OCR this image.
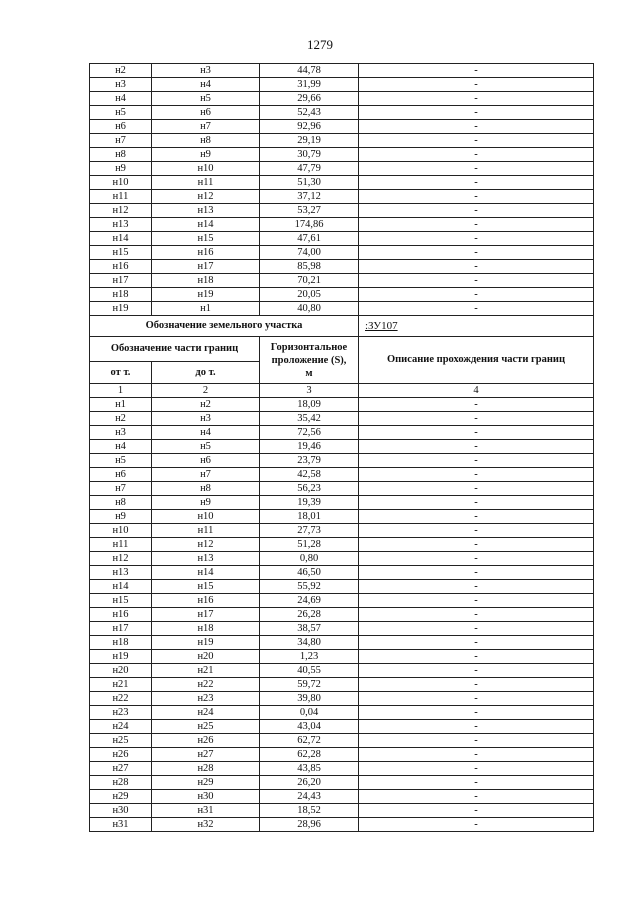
1279
н2	н3	44,78	-
н3	н4	31,99	-
н4	н5	29,66	-
н5	н6	52,43	-
н6	н7	92,96	-
н7	н8	29,19	-
н8	н9	30,79	-
н9	н10	47,79	-
н10	н11	51,30	-
н11	н12	37,12	-
н12	н13	53,27	-
н13	н14	174,86	-
н14	н15	47,61	-
н15	н16	74,00	-
н16	н17	85,98	-
н17	н18	70,21	-
н18	н19	20,05	-
н19	н1	40,80	-
Обозначение земельного участка			:ЗУ107
Обозначение части границ		Горизонтальное
проложение (S),
м	Описание прохождения части границ
от т.	до т.		
1	2	3	4
н1	н2	18,09	-
н2	н3	35,42	-
н3	н4	72,56	-
н4	н5	19,46	-
н5	н6	23,79	-
н6	н7	42,58	-
н7	н8	56,23	-
н8	н9	19,39	-
н9	н10	18,01	-
н10	н11	27,73	-
н11	н12	51,28	-
н12	н13	0,80	-
н13	н14	46,50	-
н14	н15	55,92	-
н15	н16	24,69	-
н16	н17	26,28	-
н17	н18	38,57	-
н18	н19	34,80	-
н19	н20	1,23	-
н20	н21	40,55	-
н21	н22	59,72	-
н22	н23	39,80	-
н23	н24	0,04	-
н24	н25	43,04	-
н25	н26	62,72	-
н26	н27	62,28	-
н27	н28	43,85	-
н28	н29	26,20	-
н29	н30	24,43	-
н30	н31	18,52	-
н31	н32	28,96	-
